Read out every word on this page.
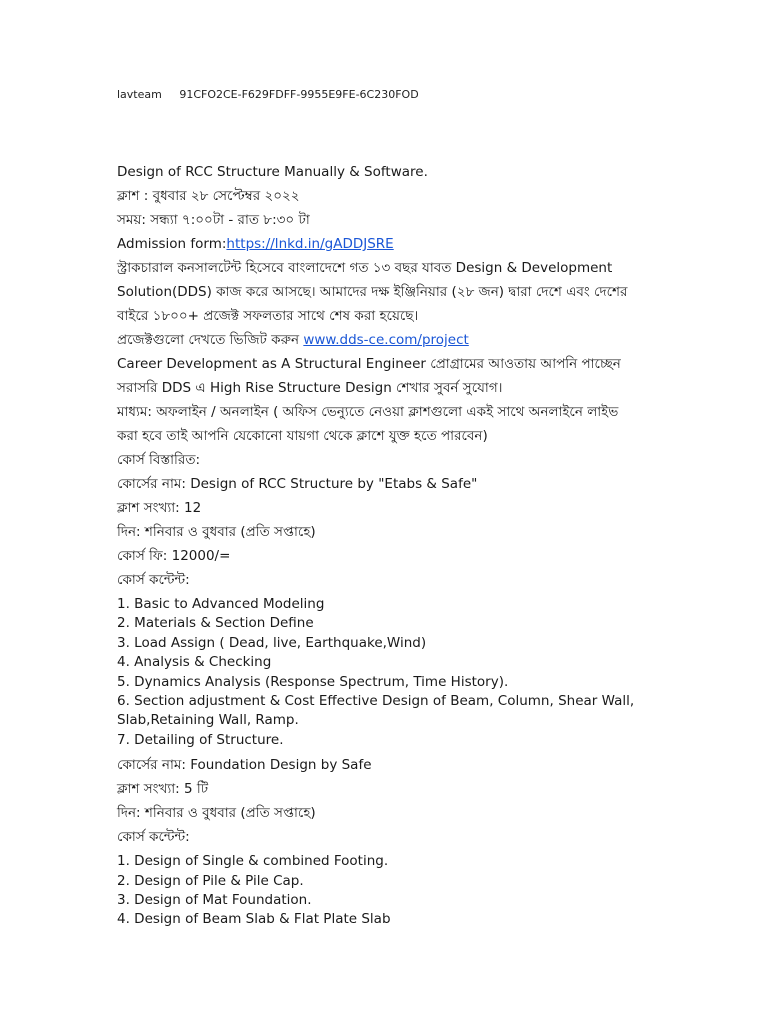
lavteam 91CFO2CE-F629FDFF-9955E9FE-6C230FOD

Design of RCC Structure Manually & Software.

ক্লাশ : বুধবার ২৮ সেপ্টেম্বর ২০২২

সময়: সন্ধ্যা ৭:০০টা - রাত ৮:৩০ টা

Admission form:https://lnkd.in/gADDJSRE

স্ট্রাকচারাল কনসালটেন্ট হিসেবে বাংলাদেশে গত ১৩ বছর যাবত Design & Development Solution(DDS) কাজ করে আসছে। আমাদের দক্ষ ইঞ্জিনিয়ার (২৮ জন) দ্বারা দেশে এবং দেশের বাইরে ১৮০০+ প্রজেক্ট সফলতার সাথে শেষ করা হয়েছে।

প্রজেক্টগুলো দেখতে ভিজিট করুন www.dds-ce.com/project

Career Development as A Structural Engineer প্রোগ্রামের আওতায় আপনি পাচ্ছেন সরাসরি DDS এ High Rise Structure Design শেখার সুবর্ন সুযোগ।

মাধ্যম: অফলাইন / অনলাইন ( অফিস ভেন্যুতে নেওয়া ক্লাশগুলো একই সাথে অনলাইনে লাইভ করা হবে তাই আপনি যেকোনো যায়গা থেকে ক্লাশে যুক্ত হতে পারবেন)

কোর্স বিস্তারিত:

কোর্সের নাম: Design of RCC Structure by "Etabs & Safe"

ক্লাশ সংখ্যা: 12

দিন: শনিবার ও বুধবার (প্রতি সপ্তাহে)

কোর্স ফি: 12000/=

কোর্স কন্টেন্ট:

1. Basic to Advanced Modeling
2. Materials & Section Define
3. Load Assign ( Dead, live, Earthquake,Wind)
4. Analysis & Checking
5. Dynamics Analysis (Response Spectrum, Time History).
6. Section adjustment & Cost Effective Design of Beam, Column, Shear Wall, Slab,Retaining Wall, Ramp.
7. Detailing of Structure.

কোর্সের নাম: Foundation Design by Safe

ক্লাশ সংখ্যা: 5 টি

দিন: শনিবার ও বুধবার (প্রতি সপ্তাহে)

কোর্স কন্টেন্ট:

1. Design of Single & combined Footing.
2. Design of Pile & Pile Cap.
3. Design of Mat Foundation.
4. Design of Beam Slab & Flat Plate Slab
